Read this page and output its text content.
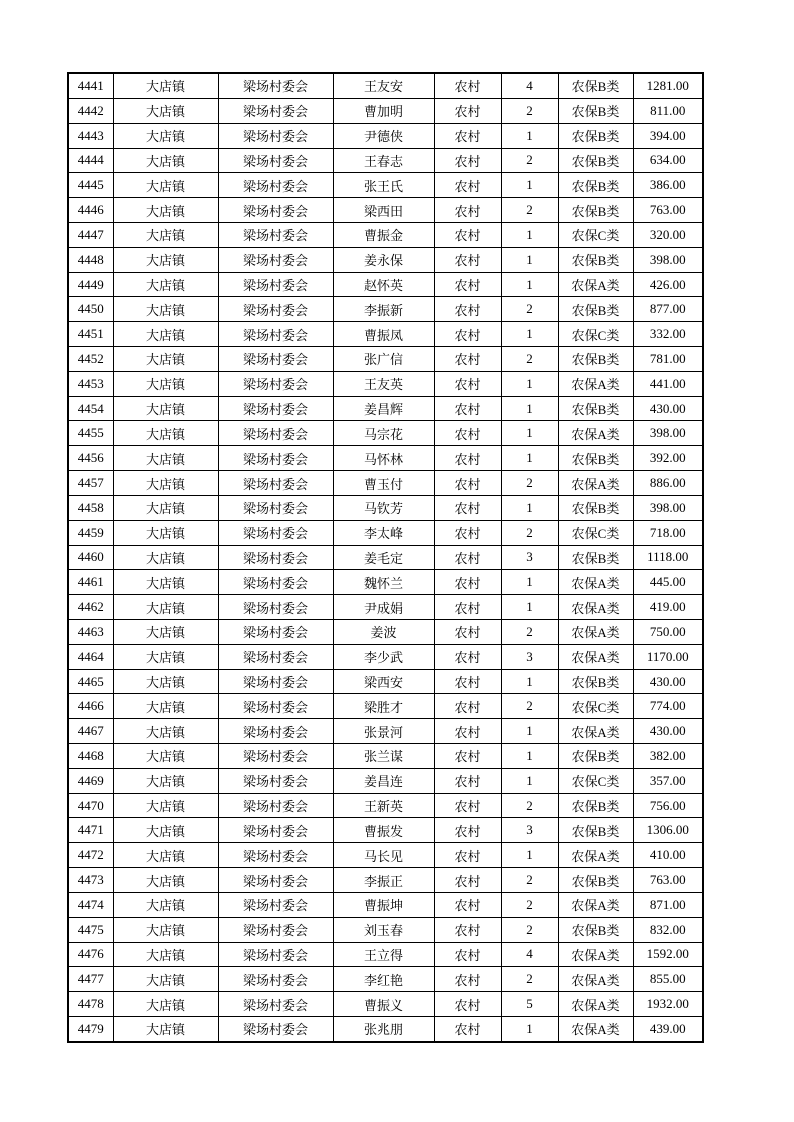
4441	大店镇	梁场村委会	王友安	农村	4	农保B类	1281.00
4442	大店镇	梁场村委会	曹加明	农村	2	农保B类	811.00
4443	大店镇	梁场村委会	尹德侠	农村	1	农保B类	394.00
4444	大店镇	梁场村委会	王春志	农村	2	农保B类	634.00
4445	大店镇	梁场村委会	张王氏	农村	1	农保B类	386.00
4446	大店镇	梁场村委会	梁西田	农村	2	农保B类	763.00
4447	大店镇	梁场村委会	曹振金	农村	1	农保C类	320.00
4448	大店镇	梁场村委会	姜永保	农村	1	农保B类	398.00
4449	大店镇	梁场村委会	赵怀英	农村	1	农保A类	426.00
4450	大店镇	梁场村委会	李振新	农村	2	农保B类	877.00
4451	大店镇	梁场村委会	曹振凤	农村	1	农保C类	332.00
4452	大店镇	梁场村委会	张广信	农村	2	农保B类	781.00
4453	大店镇	梁场村委会	王友英	农村	1	农保A类	441.00
4454	大店镇	梁场村委会	姜昌辉	农村	1	农保B类	430.00
4455	大店镇	梁场村委会	马宗花	农村	1	农保A类	398.00
4456	大店镇	梁场村委会	马怀林	农村	1	农保B类	392.00
4457	大店镇	梁场村委会	曹玉付	农村	2	农保A类	886.00
4458	大店镇	梁场村委会	马钦芳	农村	1	农保B类	398.00
4459	大店镇	梁场村委会	李太峰	农村	2	农保C类	718.00
4460	大店镇	梁场村委会	姜毛定	农村	3	农保B类	1118.00
4461	大店镇	梁场村委会	魏怀兰	农村	1	农保A类	445.00
4462	大店镇	梁场村委会	尹成娟	农村	1	农保A类	419.00
4463	大店镇	梁场村委会	姜波	农村	2	农保A类	750.00
4464	大店镇	梁场村委会	李少武	农村	3	农保A类	1170.00
4465	大店镇	梁场村委会	梁西安	农村	1	农保B类	430.00
4466	大店镇	梁场村委会	梁胜才	农村	2	农保C类	774.00
4467	大店镇	梁场村委会	张景河	农村	1	农保A类	430.00
4468	大店镇	梁场村委会	张兰谋	农村	1	农保B类	382.00
4469	大店镇	梁场村委会	姜昌连	农村	1	农保C类	357.00
4470	大店镇	梁场村委会	王新英	农村	2	农保B类	756.00
4471	大店镇	梁场村委会	曹振发	农村	3	农保B类	1306.00
4472	大店镇	梁场村委会	马长见	农村	1	农保A类	410.00
4473	大店镇	梁场村委会	李振正	农村	2	农保B类	763.00
4474	大店镇	梁场村委会	曹振坤	农村	2	农保A类	871.00
4475	大店镇	梁场村委会	刘玉春	农村	2	农保B类	832.00
4476	大店镇	梁场村委会	王立得	农村	4	农保A类	1592.00
4477	大店镇	梁场村委会	李红艳	农村	2	农保A类	855.00
4478	大店镇	梁场村委会	曹振义	农村	5	农保A类	1932.00
4479	大店镇	梁场村委会	张兆朋	农村	1	农保A类	439.00
